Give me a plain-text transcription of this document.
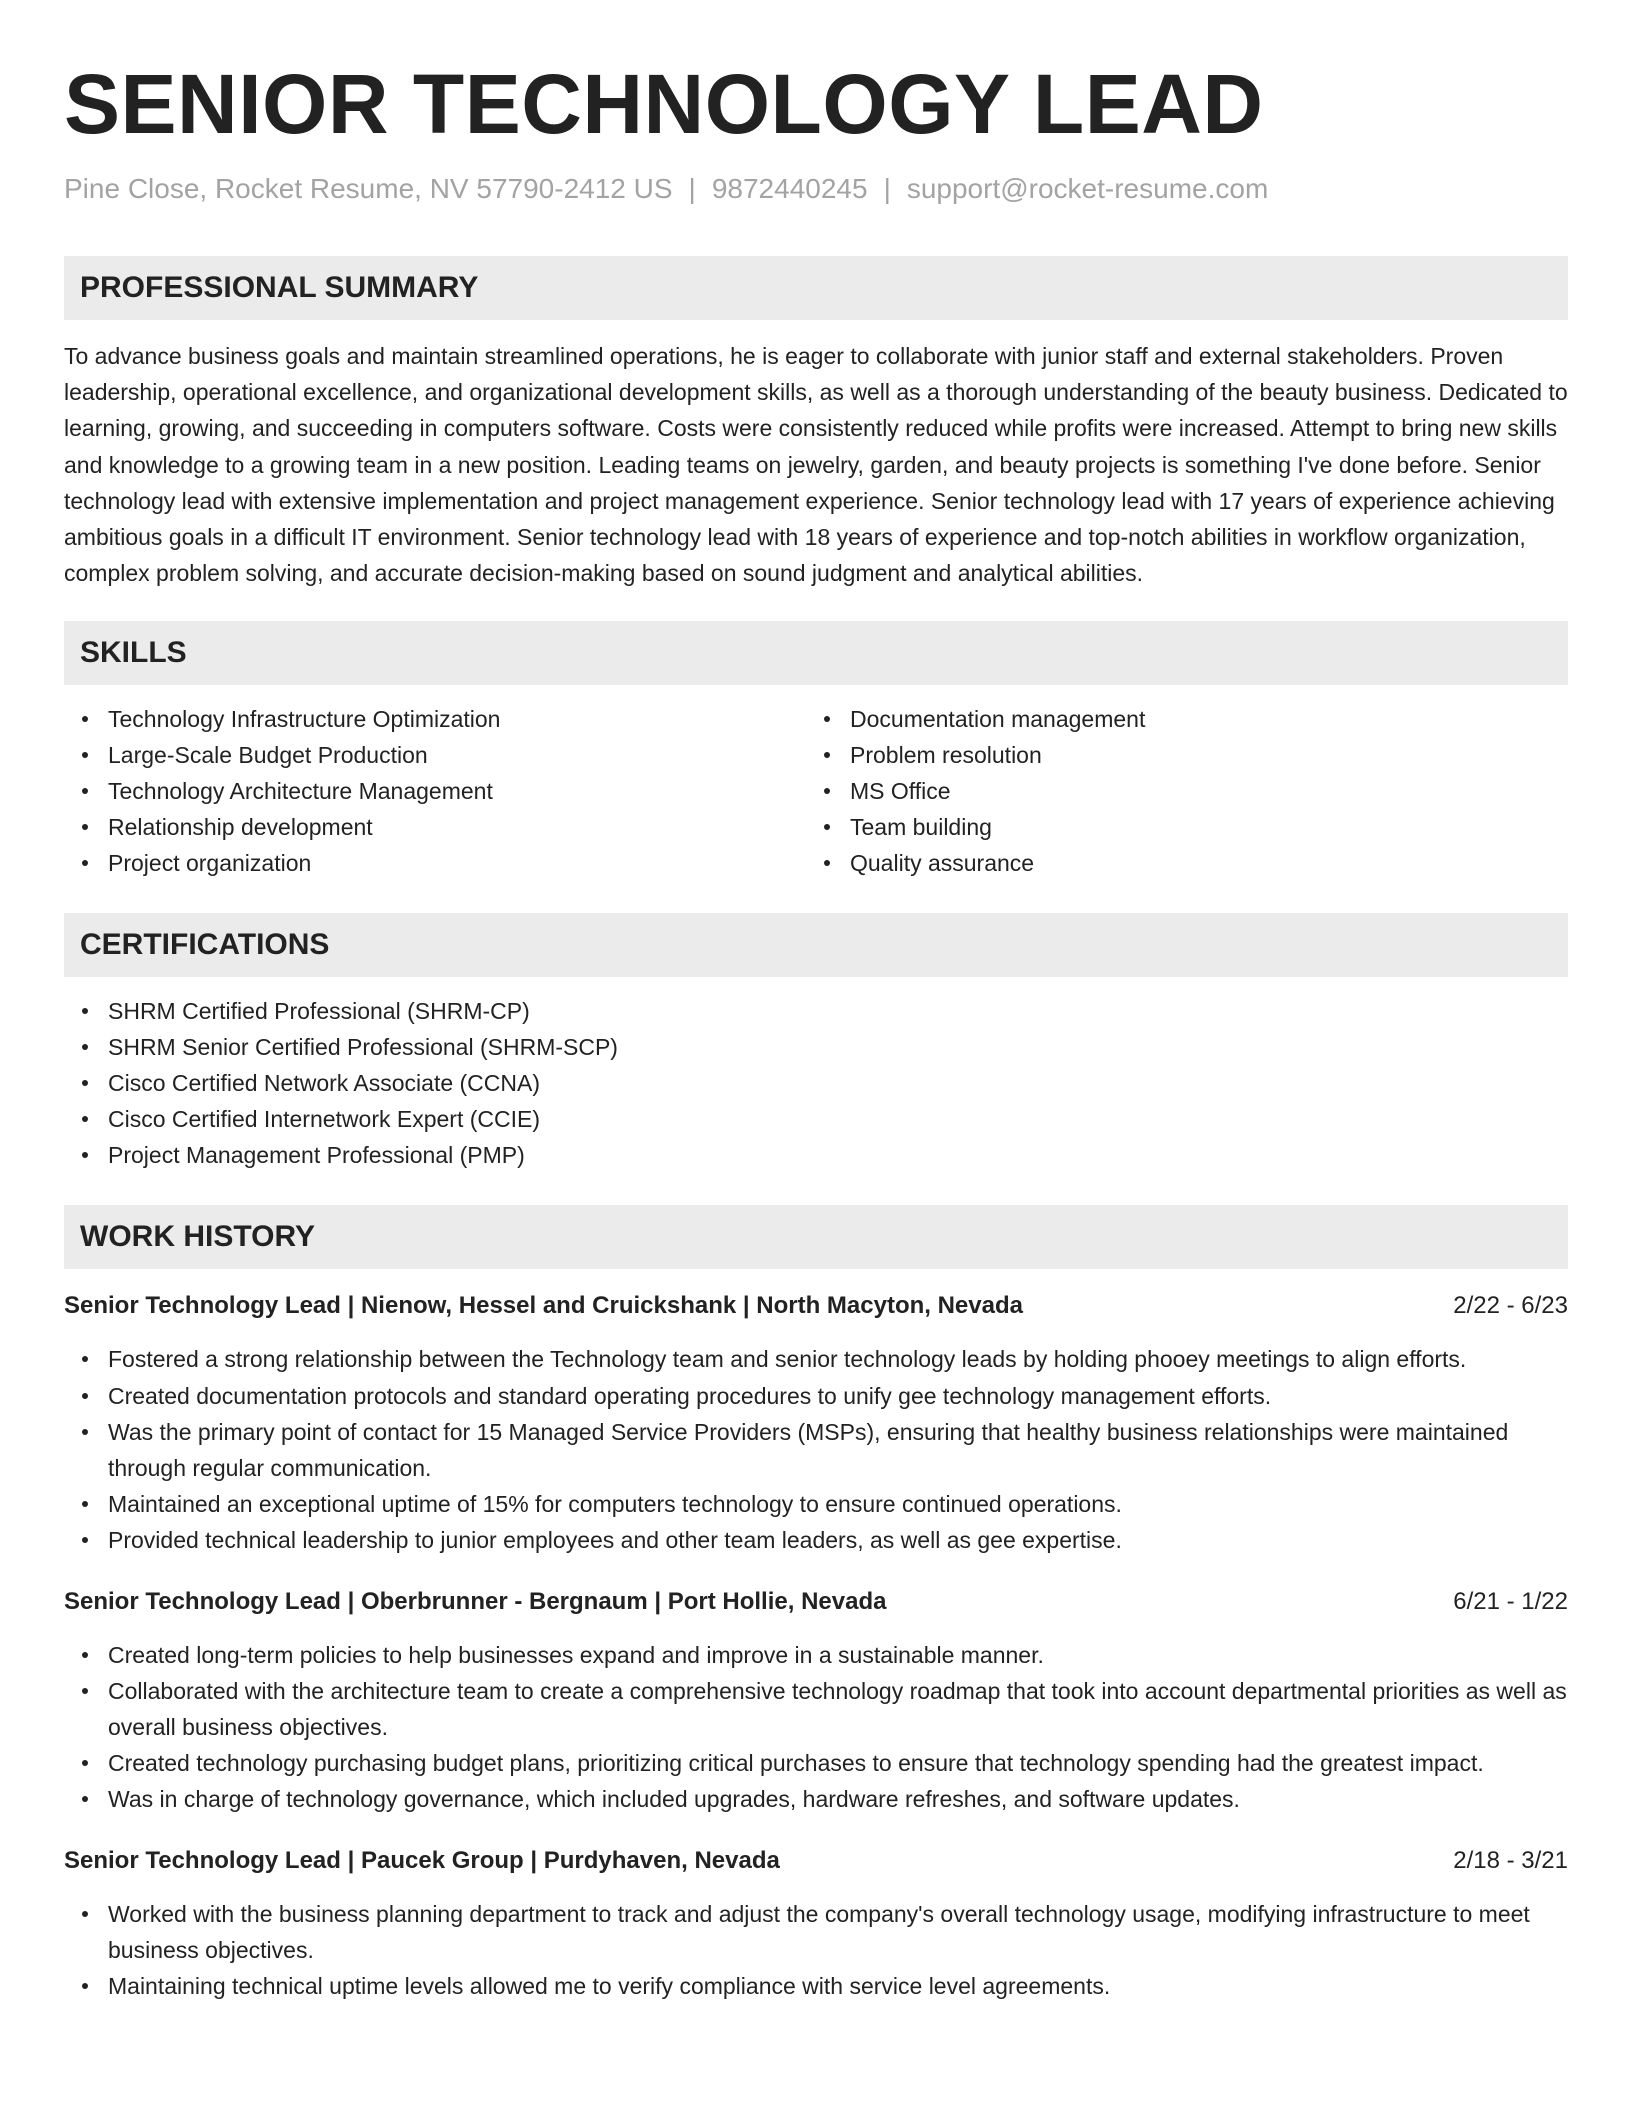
SENIOR TECHNOLOGY LEAD
Pine Close, Rocket Resume, NV 57790-2412 US | 9872440245 | support@rocket-resume.com
PROFESSIONAL SUMMARY

To advance business goals and maintain streamlined operations, he is eager to collaborate with junior staff and external stakeholders. Proven leadership, operational excellence, and organizational development skills, as well as a thorough understanding of the beauty business. Dedicated to learning, growing, and succeeding in computers software. Costs were consistently reduced while profits were increased. Attempt to bring new skills and knowledge to a growing team in a new position. Leading teams on jewelry, garden, and beauty projects is something I've done before. Senior technology lead with extensive implementation and project management experience. Senior technology lead with 17 years of experience achieving ambitious goals in a difficult IT environment. Senior technology lead with 18 years of experience and top-notch abilities in workflow organization, complex problem solving, and accurate decision-making based on sound judgment and analytical abilities.

SKILLS
Technology Infrastructure Optimization
Large-Scale Budget Production
Technology Architecture Management
Relationship development
Project organization
Documentation management
Problem resolution
MS Office
Team building
Quality assurance
CERTIFICATIONS
SHRM Certified Professional (SHRM-CP)
SHRM Senior Certified Professional (SHRM-SCP)
Cisco Certified Network Associate (CCNA)
Cisco Certified Internetwork Expert (CCIE)
Project Management Professional (PMP)
WORK HISTORY
Senior Technology Lead | Nienow, Hessel and Cruickshank | North Macyton, Nevada	2/22 - 6/23
Fostered a strong relationship between the Technology team and senior technology leads by holding phooey meetings to align efforts.
Created documentation protocols and standard operating procedures to unify gee technology management efforts.
Was the primary point of contact for 15 Managed Service Providers (MSPs), ensuring that healthy business relationships were maintained through regular communication.
Maintained an exceptional uptime of 15% for computers technology to ensure continued operations.
Provided technical leadership to junior employees and other team leaders, as well as gee expertise.
Senior Technology Lead | Oberbrunner - Bergnaum | Port Hollie, Nevada	6/21 - 1/22
Created long-term policies to help businesses expand and improve in a sustainable manner.
Collaborated with the architecture team to create a comprehensive technology roadmap that took into account departmental priorities as well as overall business objectives.
Created technology purchasing budget plans, prioritizing critical purchases to ensure that technology spending had the greatest impact.
Was in charge of technology governance, which included upgrades, hardware refreshes, and software updates.
Senior Technology Lead | Paucek Group | Purdyhaven, Nevada	2/18 - 3/21
Worked with the business planning department to track and adjust the company's overall technology usage, modifying infrastructure to meet business objectives.
Maintaining technical uptime levels allowed me to verify compliance with service level agreements.
